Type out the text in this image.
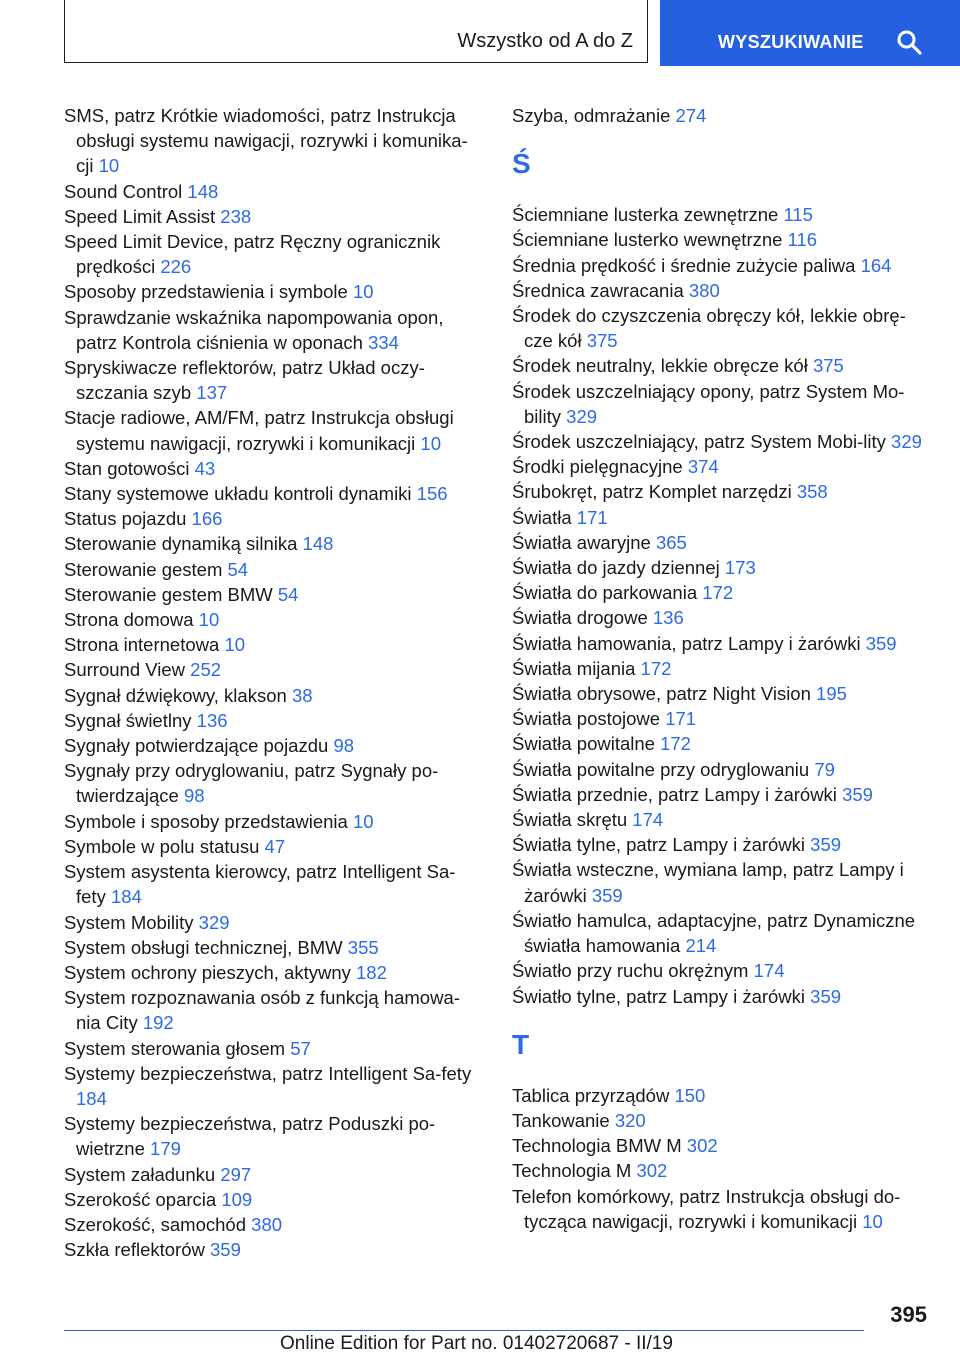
Wszystko od A do Z	WYSZUKIWANIE
SMS, patrz Krótkie wiadomości, patrz Instrukcja obsługi systemu nawigacji, rozrywki i komunika-cji 10
Sound Control 148
Speed Limit Assist 238
Speed Limit Device, patrz Ręczny ogranicznik prędkości 226
Sposoby przedstawienia i symbole 10
Sprawdzanie wskaźnika napompowania opon, patrz Kontrola ciśnienia w oponach 334
Spryskiwacze reflektorów, patrz Układ oczy-szczania szyb 137
Stacje radiowe, AM/FM, patrz Instrukcja obsługi systemu nawigacji, rozrywki i komunikacji 10
Stan gotowości 43
Stany systemowe układu kontroli dynamiki 156
Status pojazdu 166
Sterowanie dynamiką silnika 148
Sterowanie gestem 54
Sterowanie gestem BMW 54
Strona domowa 10
Strona internetowa 10
Surround View 252
Sygnał dźwiękowy, klakson 38
Sygnał świetlny 136
Sygnały potwierdzające pojazdu 98
Sygnały przy odryglowaniu, patrz Sygnały po-twierdzające 98
Symbole i sposoby przedstawienia 10
Symbole w polu statusu 47
System asystenta kierowcy, patrz Intelligent Sa-fety 184
System Mobility 329
System obsługi technicznej, BMW 355
System ochrony pieszych, aktywny 182
System rozpoznawania osób z funkcją hamowa-nia City 192
System sterowania głosem 57
Systemy bezpieczeństwa, patrz Intelligent Sa-fety 184
Systemy bezpieczeństwa, patrz Poduszki po-wietrzne 179
System załadunku 297
Szerokość oparcia 109
Szerokość, samochód 380
Szkła reflektorów 359
Szyba, odmrażanie 274
Ś
Ściemniane lusterka zewnętrzne 115
Ściemniane lusterko wewnętrzne 116
Średnia prędkość i średnie zużycie paliwa 164
Średnica zawracania 380
Środek do czyszczenia obręczy kół, lekkie obrę-cze kół 375
Środek neutralny, lekkie obręcze kół 375
Środek uszczelniający opony, patrz System Mo-bility 329
Środek uszczelniający, patrz System Mobi-lity 329
Środki pielęgnacyjne 374
Śrubokręt, patrz Komplet narzędzi 358
Światła 171
Światła awaryjne 365
Światła do jazdy dziennej 173
Światła do parkowania 172
Światła drogowe 136
Światła hamowania, patrz Lampy i żarówki 359
Światła mijania 172
Światła obrysowe, patrz Night Vision 195
Światła postojowe 171
Światła powitalne 172
Światła powitalne przy odryglowaniu 79
Światła przednie, patrz Lampy i żarówki 359
Światła skrętu 174
Światła tylne, patrz Lampy i żarówki 359
Światła wsteczne, wymiana lamp, patrz Lampy i żarówki 359
Światło hamulca, adaptacyjne, patrz Dynamiczne światła hamowania 214
Światło przy ruchu okrężnym 174
Światło tylne, patrz Lampy i żarówki 359
T
Tablica przyrządów 150
Tankowanie 320
Technologia BMW M 302
Technologia M 302
Telefon komórkowy, patrz Instrukcja obsługi do-tycząca nawigacji, rozrywki i komunikacji 10
395
Online Edition for Part no. 01402720687 - II/19
